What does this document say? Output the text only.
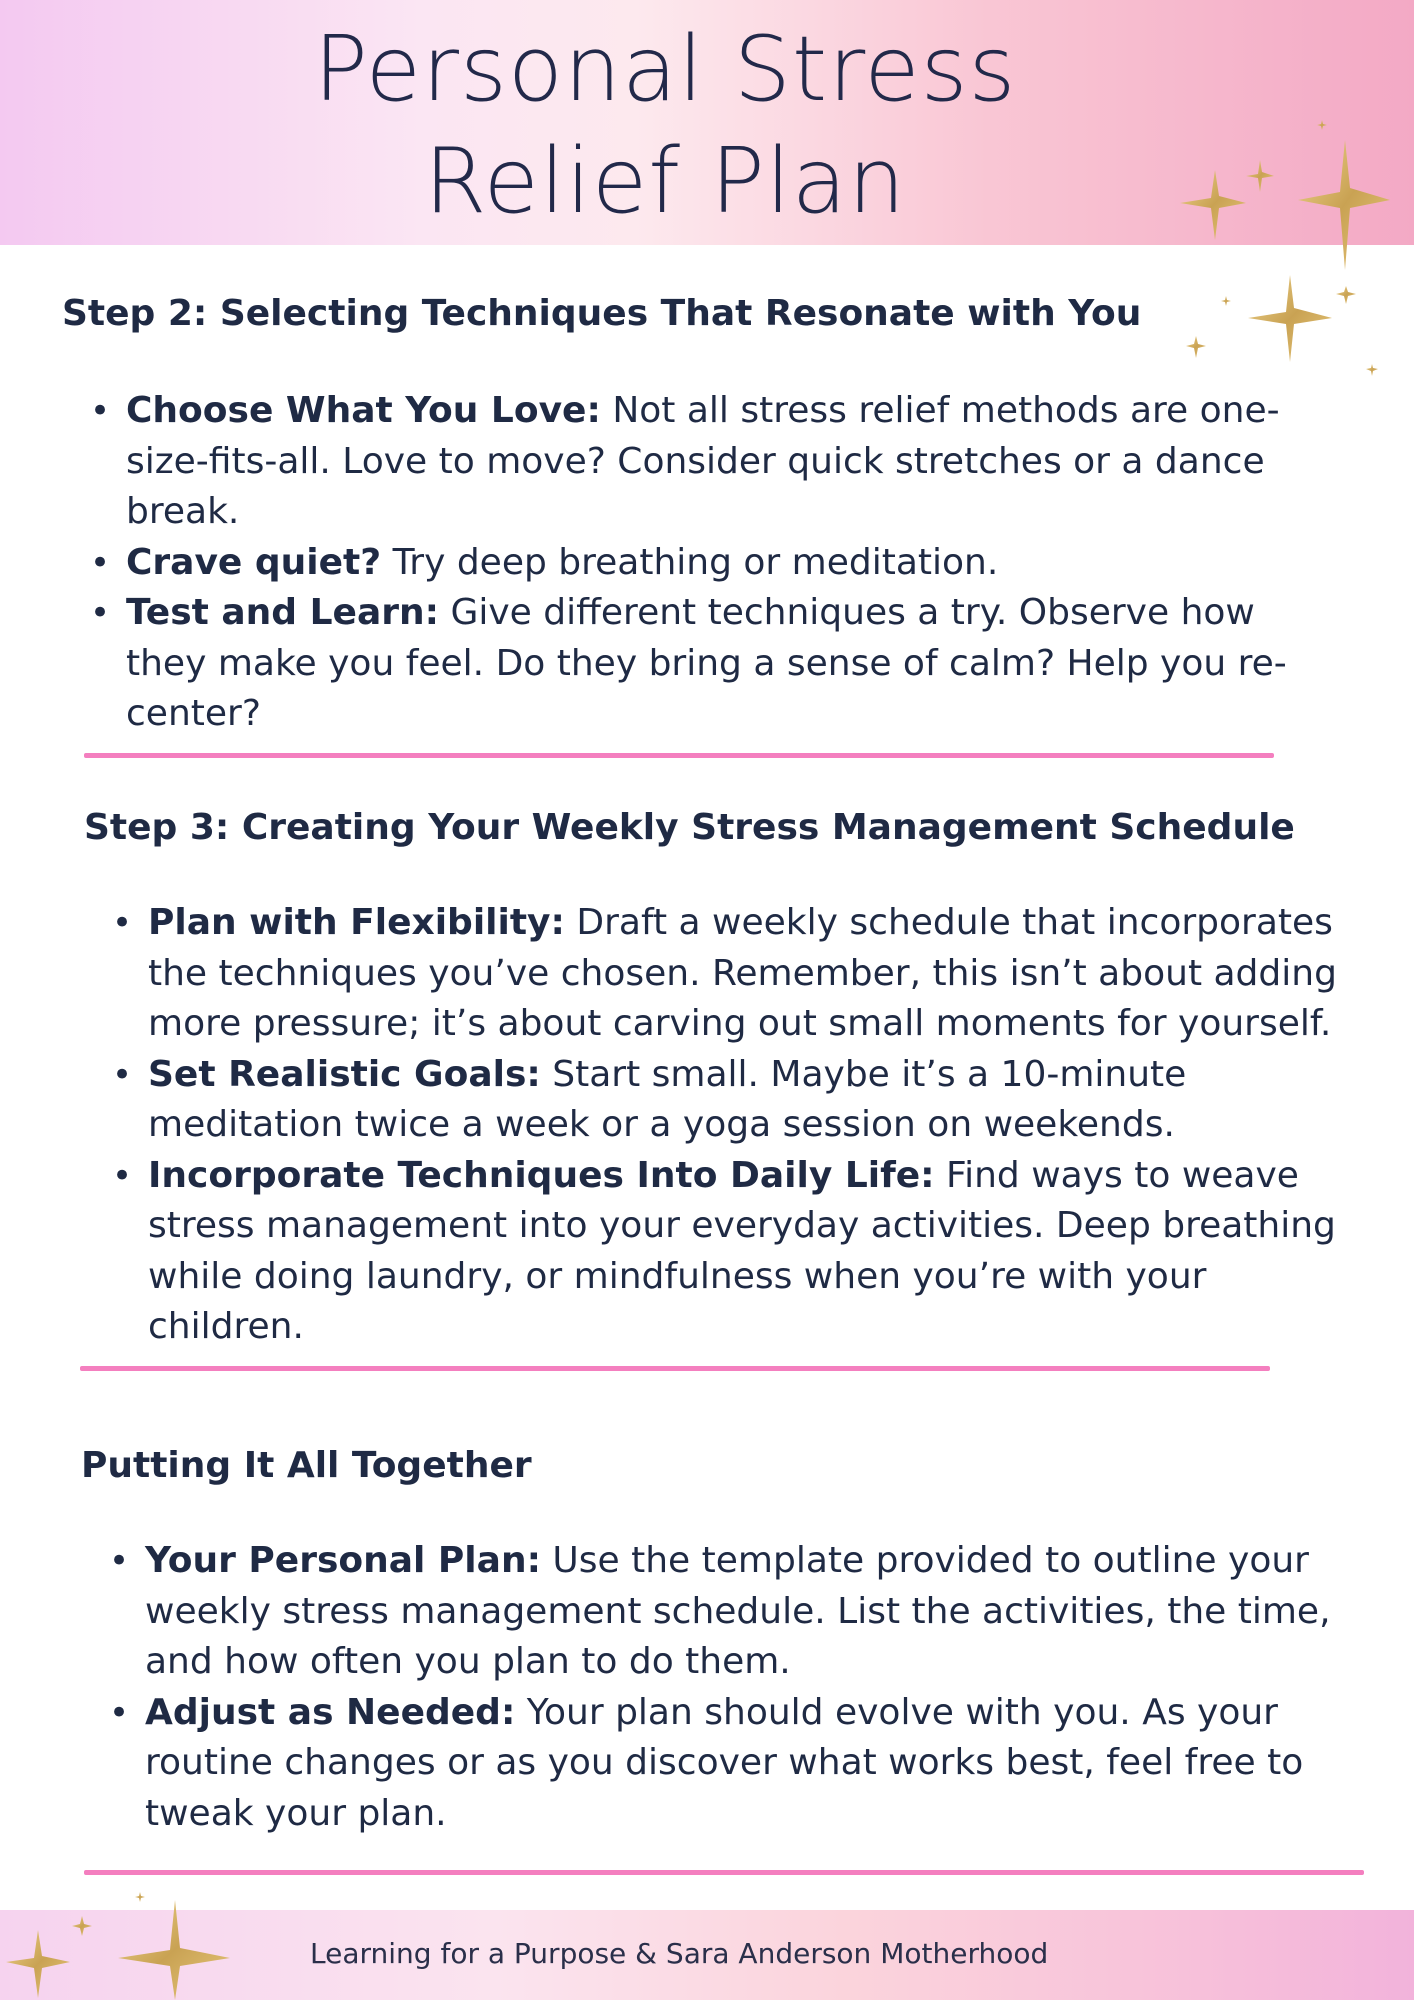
Personal Stress
Relief Plan
Step 2: Selecting Techniques That Resonate with You
• Choose What You Love: Not all stress relief methods are one-size-fits-all. Love to move? Consider quick stretches or a dance break.
• Crave quiet? Try deep breathing or meditation.
• Test and Learn: Give different techniques a try. Observe how they make you feel. Do they bring a sense of calm? Help you re-center?
Step 3: Creating Your Weekly Stress Management Schedule
• Plan with Flexibility: Draft a weekly schedule that incorporates the techniques you’ve chosen. Remember, this isn’t about adding more pressure; it’s about carving out small moments for yourself.
• Set Realistic Goals: Start small. Maybe it’s a 10-minute meditation twice a week or a yoga session on weekends.
• Incorporate Techniques Into Daily Life: Find ways to weave stress management into your everyday activities. Deep breathing while doing laundry, or mindfulness when you’re with your children.
Putting It All Together
• Your Personal Plan: Use the template provided to outline your weekly stress management schedule. List the activities, the time, and how often you plan to do them.
• Adjust as Needed: Your plan should evolve with you. As your routine changes or as you discover what works best, feel free to tweak your plan.
Learning for a Purpose & Sara Anderson Motherhood
